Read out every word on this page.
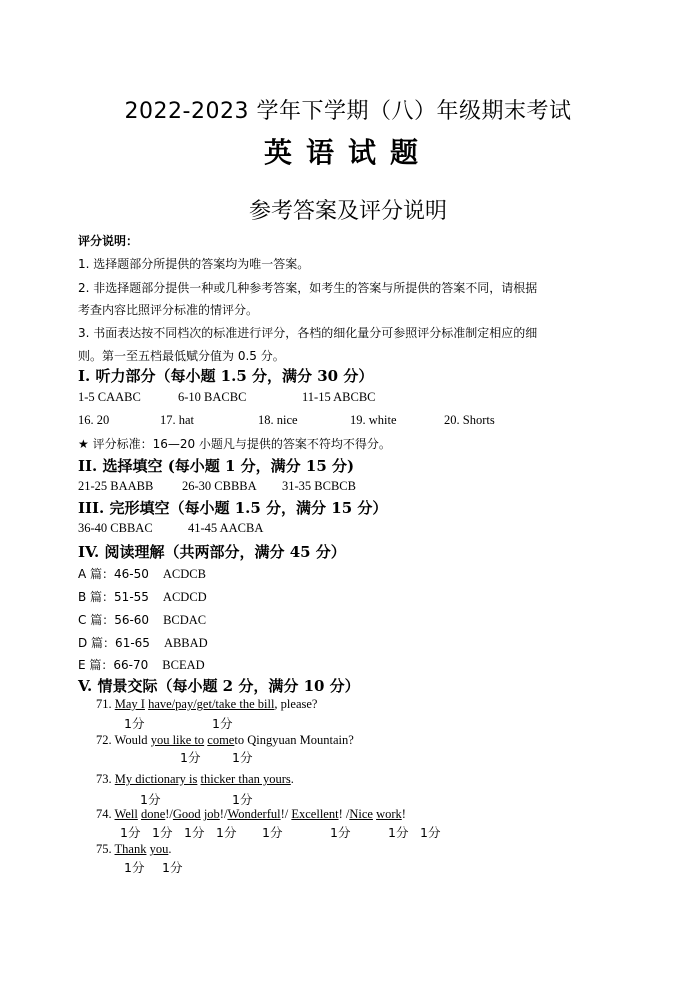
2022-2023 学年下学期（八）年级期末考试
英语试题
参考答案及评分说明
评分说明：
1. 选择题部分所提供的答案均为唯一答案。
2. 非选择题部分提供一种或几种参考答案，如考生的答案与所提供的答案不同，请根据
考查内容比照评分标准的情评分。
3. 书面表达按不同档次的标准进行评分，各档的细化量分可参照评分标准制定相应的细
则。第一至五档最低赋分值为 0.5 分。
I. 听力部分（每小题 1.5 分，满分 30 分）
1-5 CAABC	6-10 BACBC	11-15 ABCBC
16. 20	17. hat	18. nice	19. white	20. Shorts
★ 评分标准：16—20 小题凡与提供的答案不符均不得分。
II. 选择填空 (每小题 1 分，满分 15 分)
21-25 BAABB 26-30 CBBBA 31-35 BCBCB
III. 完形填空（每小题 1.5 分，满分 15 分）
36-40 CBBAC	41-45 AACBA
IV. 阅读理解（共两部分，满分 45 分）
A 篇：46-50 ACDCB
B 篇：51-55 ACDCD
C 篇：56-60 BCDAC
D 篇：61-65 ABBAD
E 篇：66-70 BCEAD
V. 情景交际（每小题 2 分，满分 10 分）
71. May I have/pay/get/take the bill, please?
1分	1分
72. Would you like to cometo Qingyuan Mountain?
1分	1分
73. My dictionary is thicker than yours.
1分	1分
74. Well done!/Good job!/Wonderful!/ Excellent! /Nice work!
1分 1分 1分 1分 1分	1分	1分 1分
75. Thank you.
1分 1分
